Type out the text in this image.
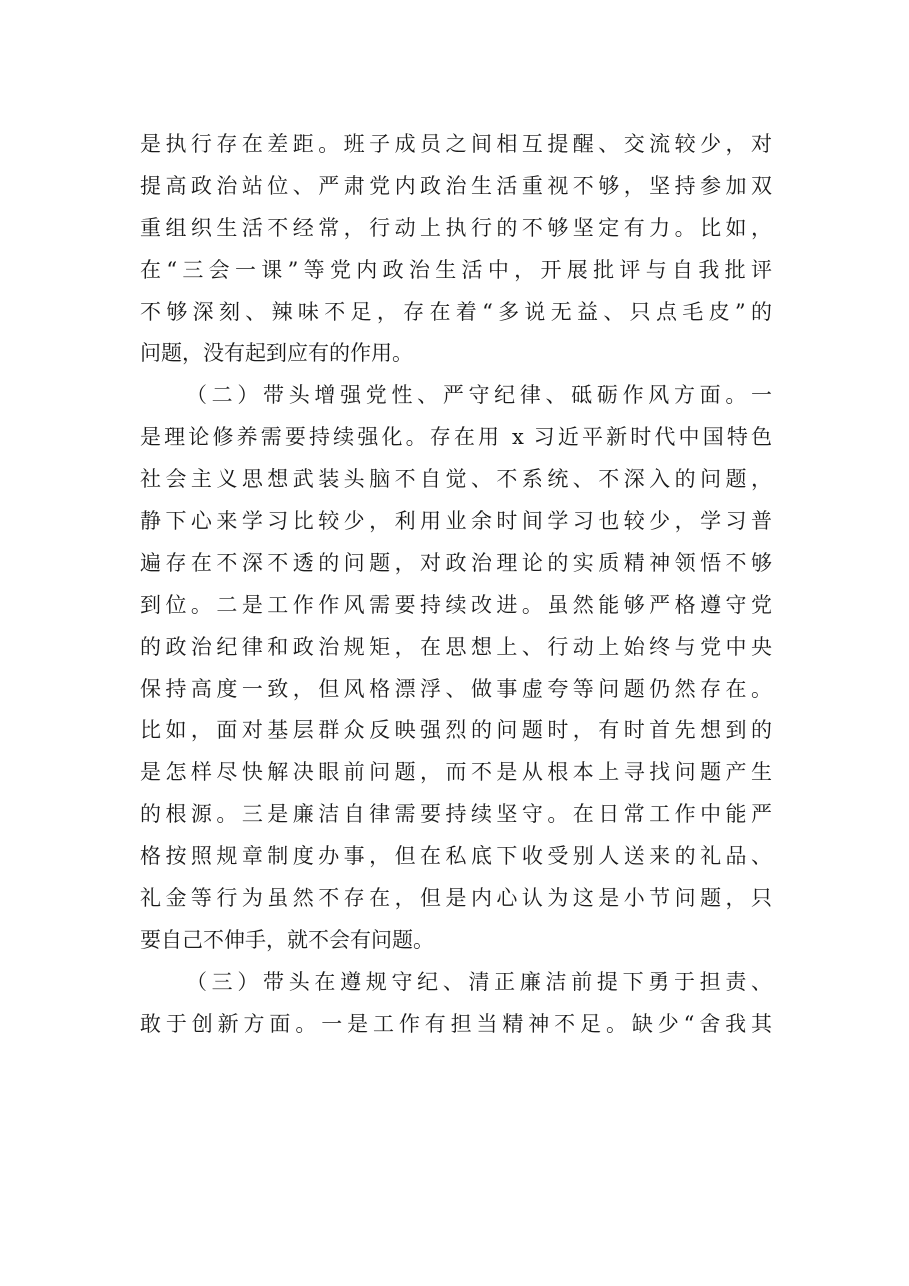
是执行存在差距。班子成员之间相互提醒、交流较少，对
提高政治站位、严肃党内政治生活重视不够，坚持参加双
重组织生活不经常，行动上执行的不够坚定有力。比如，
在“三会一课”等党内政治生活中，开展批评与自我批评
不够深刻、辣味不足，存在着“多说无益、只点毛皮”的
问题，没有起到应有的作用。
（二）带头增强党性、严守纪律、砥砺作风方面。一
是理论修养需要持续强化。存在用 x 习近平新时代中国特色
社会主义思想武装头脑不自觉、不系统、不深入的问题，
静下心来学习比较少，利用业余时间学习也较少，学习普
遍存在不深不透的问题，对政治理论的实质精神领悟不够
到位。二是工作作风需要持续改进。虽然能够严格遵守党
的政治纪律和政治规矩，在思想上、行动上始终与党中央
保持高度一致，但风格漂浮、做事虚夸等问题仍然存在。
比如，面对基层群众反映强烈的问题时，有时首先想到的
是怎样尽快解决眼前问题，而不是从根本上寻找问题产生
的根源。三是廉洁自律需要持续坚守。在日常工作中能严
格按照规章制度办事，但在私底下收受别人送来的礼品、
礼金等行为虽然不存在，但是内心认为这是小节问题，只
要自己不伸手，就不会有问题。
（三）带头在遵规守纪、清正廉洁前提下勇于担责、
敢于创新方面。一是工作有担当精神不足。缺少“舍我其
